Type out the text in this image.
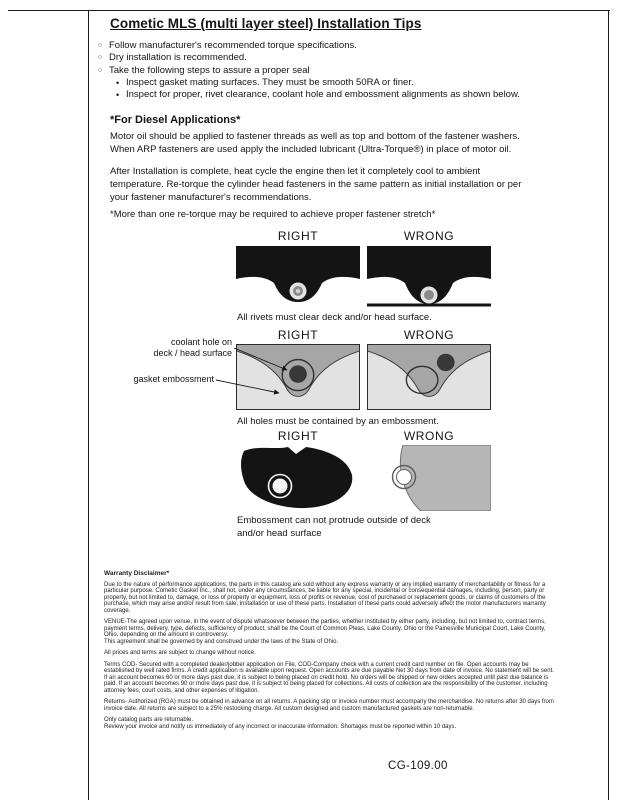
Cometic MLS (multi layer steel) Installation Tips
○ Follow manufacturer's recommended torque specifications.
○ Dry installation is recommended.
○ Take the following steps to assure a proper seal
• Inspect gasket mating surfaces. They must be smooth 50RA or finer.
• Inspect for proper, rivet clearance, coolant hole and embossment alignments as shown below.
*For Diesel Applications*
Motor oil should be applied to fastener threads as well as top and bottom of the fastener washers. When ARP fasteners are used apply the included lubricant (Ultra-Torque®) in place of motor oil.
After Installation is complete, heat cycle the engine then let it completely cool to ambient temperature. Re-torque the cylinder head fasteners in the same pattern as initial installation or per your fastener manufacturer's recommendations.
*More than one re-torque may be required to achieve proper fastener stretch*
RIGHT	WRONG
All rivets must clear deck and/or head surface.
RIGHT	WRONG
coolant hole on
deck / head surface
gasket embossment
All holes must be contained by an embossment.
RIGHT	WRONG
Embossment can not protrude outside of deck
and/or head surface
Warranty Disclaimer*
Due to the nature of performance applications, the parts in this catalog are sold without any express warranty or any implied warranty of merchantability or fitness for a particular purpose. Cometic Gasket Inc., shall not, under any circumstances, be liable for any special, incidental or consequential damages, including, person, party or property, but not limited to, damage, or loss of property or equipment, loss of profits or revenue, cost of purchased or replacement goods, or claims of customers of the purchase, which may arise and/or result from sale, installation or use of these parts. Installation of these parts could adversely affect the motor manufacturers warranty coverage.
VENUE-The agreed upon venue, in the event of dispute whatsoever between the parties, whether instituted by either party, including, but not limited to, contract terms, payment terms, delivery, type, defects, sufficiency of product, shall be the Court of Common Pleas, Lake County, Ohio or the Painesville Municipal Court, Lake County, Ohio, depending on the amount in controversy.
This agreement shall be governed by and construed under the laws of the State of Ohio.
All prices and terms are subject to change without notice.
Terms COD- Secured with a completed dealer/jobber application on File, COD-Company check with a current credit card number on file. Open accounts may be established by well rated firms. A credit application is available upon request. Open accounts are due payable Net 30 days from date of invoice. No statement will be sent. If an account becomes 60 or more days past due, it is subject to being placed on credit hold. No orders will be shipped or new orders accepted until past due balance is paid. If an account becomes 90 or more days past due, it is subject to being placed for collections. All costs of collection are the responsibility of the customer, including attorney fees, court costs, and other expenses of litigation.
Returns- Authorized (RGA) must be obtained in advance on all returns. A packing slip or invoice number must accompany the merchandise. No returns after 30 days from invoice date. All returns are subject to a 25% restocking charge. All custom designed and custom manufactured gaskets are non-returnable.
Only catalog parts are returnable.
Review your invoice and notify us immediately of any incorrect or inaccurate information. Shortages must be reported within 10 days.
CG-109.00
